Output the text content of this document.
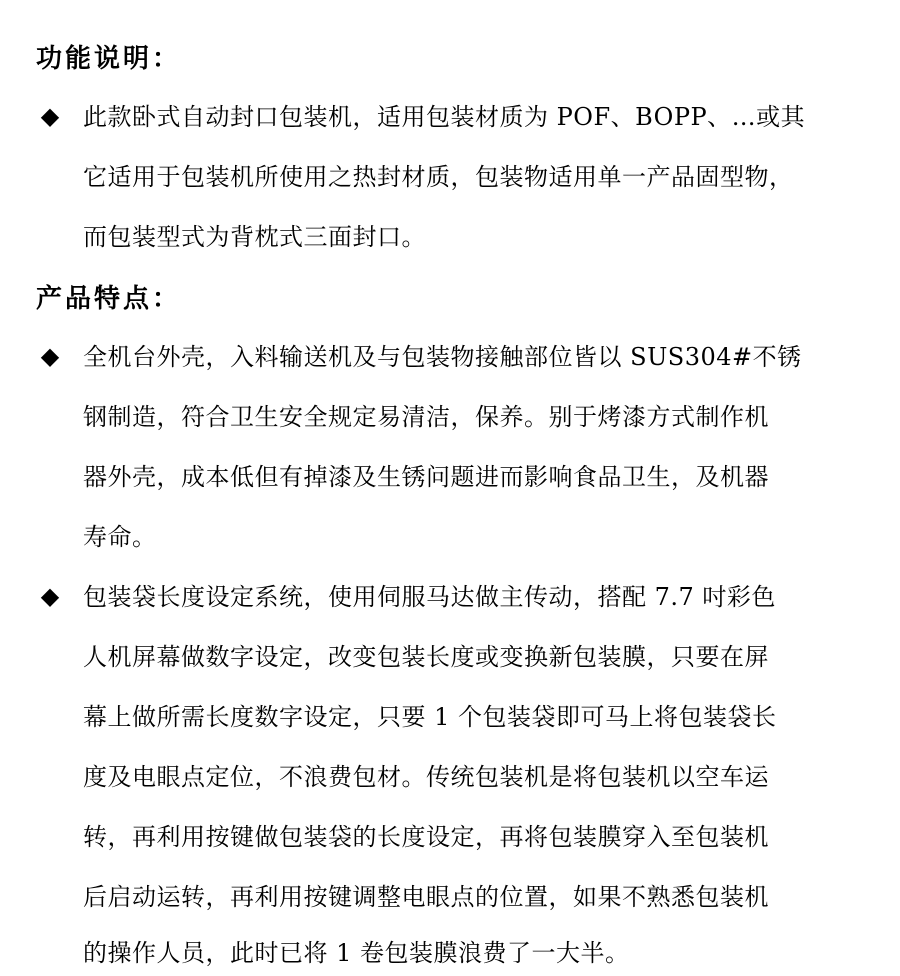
功能说明：
◆ 此款卧式自动封口包装机，适用包装材质为 POF、BOPP、…或其
它适用于包装机所使用之热封材质，包装物适用单一产品固型物，
而包装型式为背枕式三面封口。
产品特点：
◆ 全机台外壳，入料输送机及与包装物接触部位皆以 SUS304#不锈
钢制造，符合卫生安全规定易清洁，保养。别于烤漆方式制作机
器外壳，成本低但有掉漆及生锈问题进而影响食品卫生，及机器
寿命。
◆ 包装袋长度设定系统，使用伺服马达做主传动，搭配 7.7 吋彩色
人机屏幕做数字设定，改变包装长度或变换新包装膜，只要在屏
幕上做所需长度数字设定，只要 1 个包装袋即可马上将包装袋长
度及电眼点定位，不浪费包材。传统包装机是将包装机以空车运
转，再利用按键做包装袋的长度设定，再将包装膜穿入至包装机
后启动运转，再利用按键调整电眼点的位置，如果不熟悉包装机
的操作人员，此时已将 1 卷包装膜浪费了一大半。
